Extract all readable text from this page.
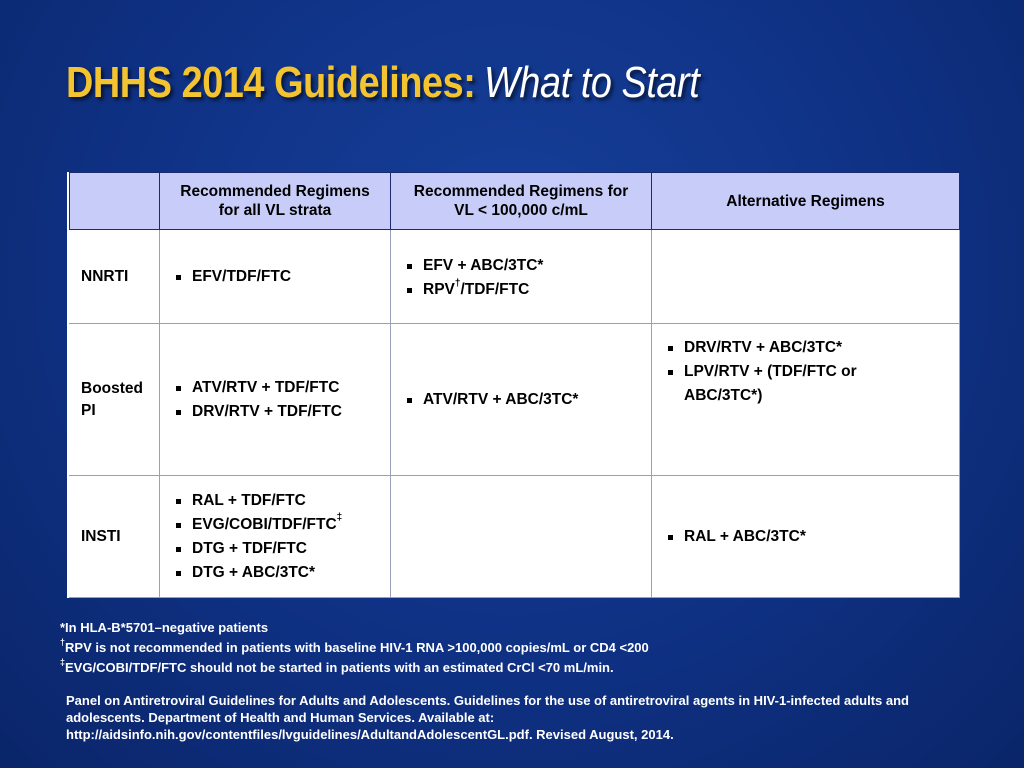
DHHS 2014 Guidelines: What to Start
Recommended Regimens
for all VL strata
Recommended Regimens for
VL < 100,000 c/mL
Alternative Regimens
NNRTI	EFV/TDF/FTC
EFV + ABC/3TC*
RPV†/TDF/FTC
Boosted PI
ATV/RTV + TDF/FTC
DRV/RTV + TDF/FTC
ATV/RTV + ABC/3TC*
DRV/RTV + ABC/3TC*
LPV/RTV + (TDF/FTC or ABC/3TC*)
INSTI
RAL + TDF/FTC
EVG/COBI/TDF/FTC‡
DTG + TDF/FTC
DTG + ABC/3TC*
RAL + ABC/3TC*
*In HLA-B*5701–negative patients
†RPV is not recommended in patients with baseline HIV-1 RNA >100,000 copies/mL or CD4 <200
‡EVG/COBI/TDF/FTC should not be started in patients with an estimated CrCl <70 mL/min.
Panel on Antiretroviral Guidelines for Adults and Adolescents. Guidelines for the use of antiretroviral agents in HIV-1-infected adults and adolescents. Department of Health and Human Services. Available at: http://aidsinfo.nih.gov/contentfiles/lvguidelines/AdultandAdolescentGL.pdf. Revised August, 2014.
